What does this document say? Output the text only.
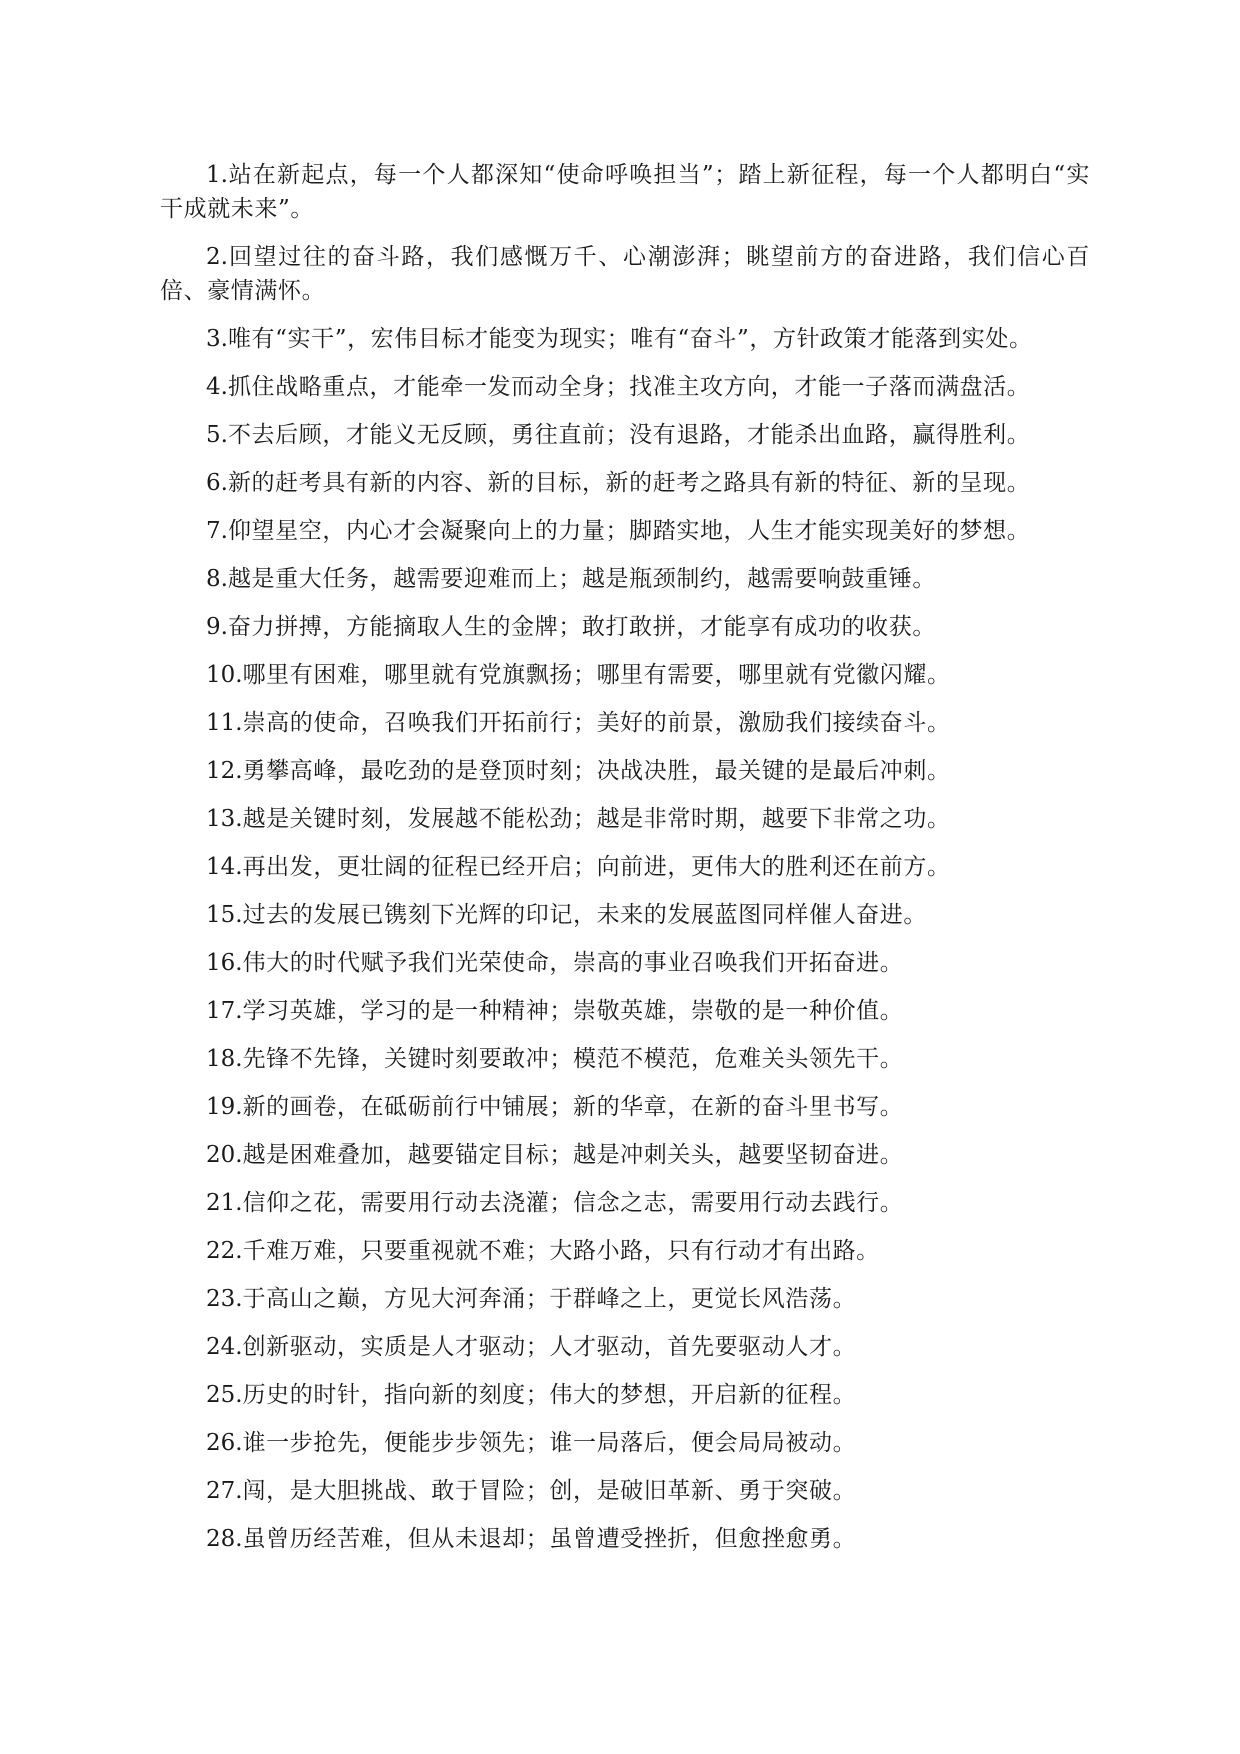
1.站在新起点，每一个人都深知“使命呼唤担当”；踏上新征程，每一个人都明白“实干成就未来”。

2.回望过往的奋斗路，我们感慨万千、心潮澎湃；眺望前方的奋进路，我们信心百倍、豪情满怀。

3.唯有“实干”，宏伟目标才能变为现实；唯有“奋斗”，方针政策才能落到实处。

4.抓住战略重点，才能牵一发而动全身；找准主攻方向，才能一子落而满盘活。

5.不去后顾，才能义无反顾，勇往直前；没有退路，才能杀出血路，赢得胜利。

6.新的赶考具有新的内容、新的目标，新的赶考之路具有新的特征、新的呈现。

7.仰望星空，内心才会凝聚向上的力量；脚踏实地，人生才能实现美好的梦想。

8.越是重大任务，越需要迎难而上；越是瓶颈制约，越需要响鼓重锤。

9.奋力拼搏，方能摘取人生的金牌；敢打敢拼，才能享有成功的收获。

10.哪里有困难，哪里就有党旗飘扬；哪里有需要，哪里就有党徽闪耀。

11.崇高的使命，召唤我们开拓前行；美好的前景，激励我们接续奋斗。

12.勇攀高峰，最吃劲的是登顶时刻；决战决胜，最关键的是最后冲刺。

13.越是关键时刻，发展越不能松劲；越是非常时期，越要下非常之功。

14.再出发，更壮阔的征程已经开启；向前进，更伟大的胜利还在前方。

15.过去的发展已镌刻下光辉的印记，未来的发展蓝图同样催人奋进。

16.伟大的时代赋予我们光荣使命，崇高的事业召唤我们开拓奋进。

17.学习英雄，学习的是一种精神；崇敬英雄，崇敬的是一种价值。

18.先锋不先锋，关键时刻要敢冲；模范不模范，危难关头领先干。

19.新的画卷，在砥砺前行中铺展；新的华章，在新的奋斗里书写。

20.越是困难叠加，越要锚定目标；越是冲刺关头，越要坚韧奋进。

21.信仰之花，需要用行动去浇灌；信念之志，需要用行动去践行。

22.千难万难，只要重视就不难；大路小路，只有行动才有出路。

23.于高山之巅，方见大河奔涌；于群峰之上，更觉长风浩荡。

24.创新驱动，实质是人才驱动；人才驱动，首先要驱动人才。

25.历史的时针，指向新的刻度；伟大的梦想，开启新的征程。

26.谁一步抢先，便能步步领先；谁一局落后，便会局局被动。

27.闯，是大胆挑战、敢于冒险；创，是破旧革新、勇于突破。

28.虽曾历经苦难，但从未退却；虽曾遭受挫折，但愈挫愈勇。
